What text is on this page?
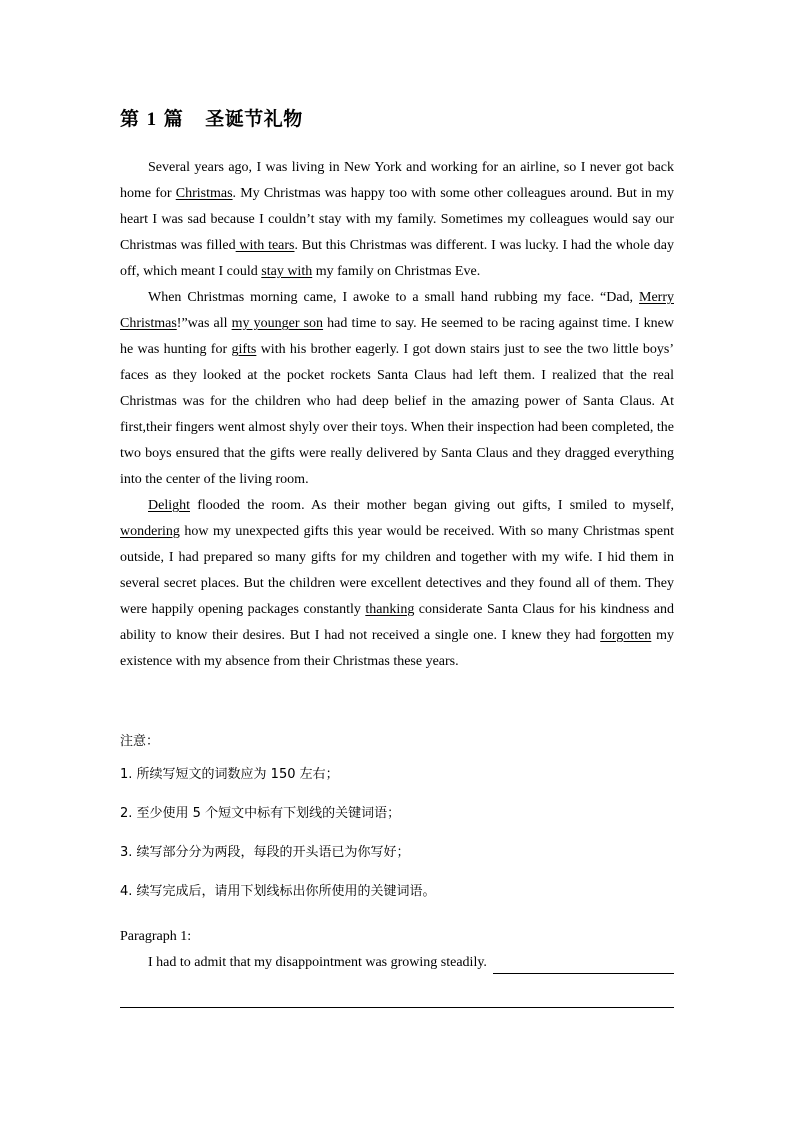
第 1 篇 圣诞节礼物

Several years ago, I was living in New York and working for an airline, so I never got back home for Christmas. My Christmas was happy too with some other colleagues around. But in my heart I was sad because I couldn’t stay with my family. Sometimes my colleagues would say our Christmas was filled with tears. But this Christmas was different. I was lucky. I had the whole day off, which meant I could stay with my family on Christmas Eve.

When Christmas morning came, I awoke to a small hand rubbing my face. “Dad, Merry Christmas!”was all my younger son had time to say. He seemed to be racing against time. I knew he was hunting for gifts with his brother eagerly. I got down stairs just to see the two little boys’ faces as they looked at the pocket rockets Santa Claus had left them. I realized that the real Christmas was for the children who had deep belief in the amazing power of Santa Claus. At first,their fingers went almost shyly over their toys. When their inspection had been completed, the two boys ensured that the gifts were really delivered by Santa Claus and they dragged everything into the center of the living room.

Delight flooded the room. As their mother began giving out gifts, I smiled to myself, wondering how my unexpected gifts this year would be received. With so many Christmas spent outside, I had prepared so many gifts for my children and together with my wife. I hid them in several secret places. But the children were excellent detectives and they found all of them. They were happily opening packages constantly thanking considerate Santa Claus for his kindness and ability to know their desires. But I had not received a single one. I knew they had forgotten my existence with my absence from their Christmas these years.

注意：
1. 所续写短文的词数应为 150 左右；
2. 至少使用 5 个短文中标有下划线的关键词语；
3. 续写部分分为两段，每段的开头语已为你写好；
4. 续写完成后，请用下划线标出你所使用的关键词语。
Paragraph 1:
I had to admit that my disappointment was growing steadily.
